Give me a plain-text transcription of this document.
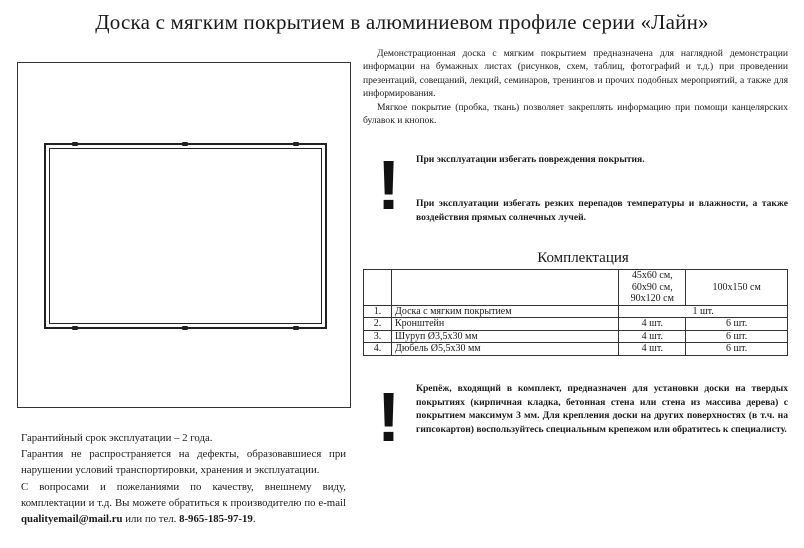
Доска с мягким покрытием в алюминиевом профиле серии «Лайн»

Демонстрационная доска с мягким покрытием предназначена для наглядной демонстрации информации на бумажных листах (рисунков, схем, таблиц, фотографий и т.д.) при проведении презентаций, совещаний, лекций, семинаров, тренингов и прочих подобных мероприятий, а также для информирования.

Мягкое покрытие (пробка, ткань) позволяет закреплять информацию при помощи канцелярских булавок и кнопок.

! При эксплуатации избегать повреждения покрытия.
При эксплуатации избегать резких перепадов температуры и влажности, а также воздействия прямых солнечных лучей.
Комплектация
		45x60 см, 60x90 см, 90x120 см	100x150 см
1.	Доска с мягким покрытием	1 шт.	
2.	Кронштейн	4 шт.	6 шт.
3.	Шуруп Ø3,5х30 мм	4 шт.	6 шт.
4.	Дюбель Ø5,5х30 мм	4 шт.	6 шт.
! Крепёж, входящий в комплект, предназначен для установки доски на твердых покрытиях (кирпичная кладка, бетонная стена или стена из массива дерева) с покрытием максимум 3 мм. Для крепления доски на других поверхностях (в т.ч. на гипсокартон) воспользуйтесь специальным крепежом или обратитесь к специалисту.

Гарантийный срок эксплуатации – 2 года.

Гарантия не распространяется на дефекты, образовавшиеся при нарушении условий транспортировки, хранения и эксплуатации.

С вопросами и пожеланиями по качеству, внешнему виду, комплектации и т.д. Вы можете обратиться к производителю по e-mail qualityemail@mail.ru или по тел. 8-965-185-97-19.
